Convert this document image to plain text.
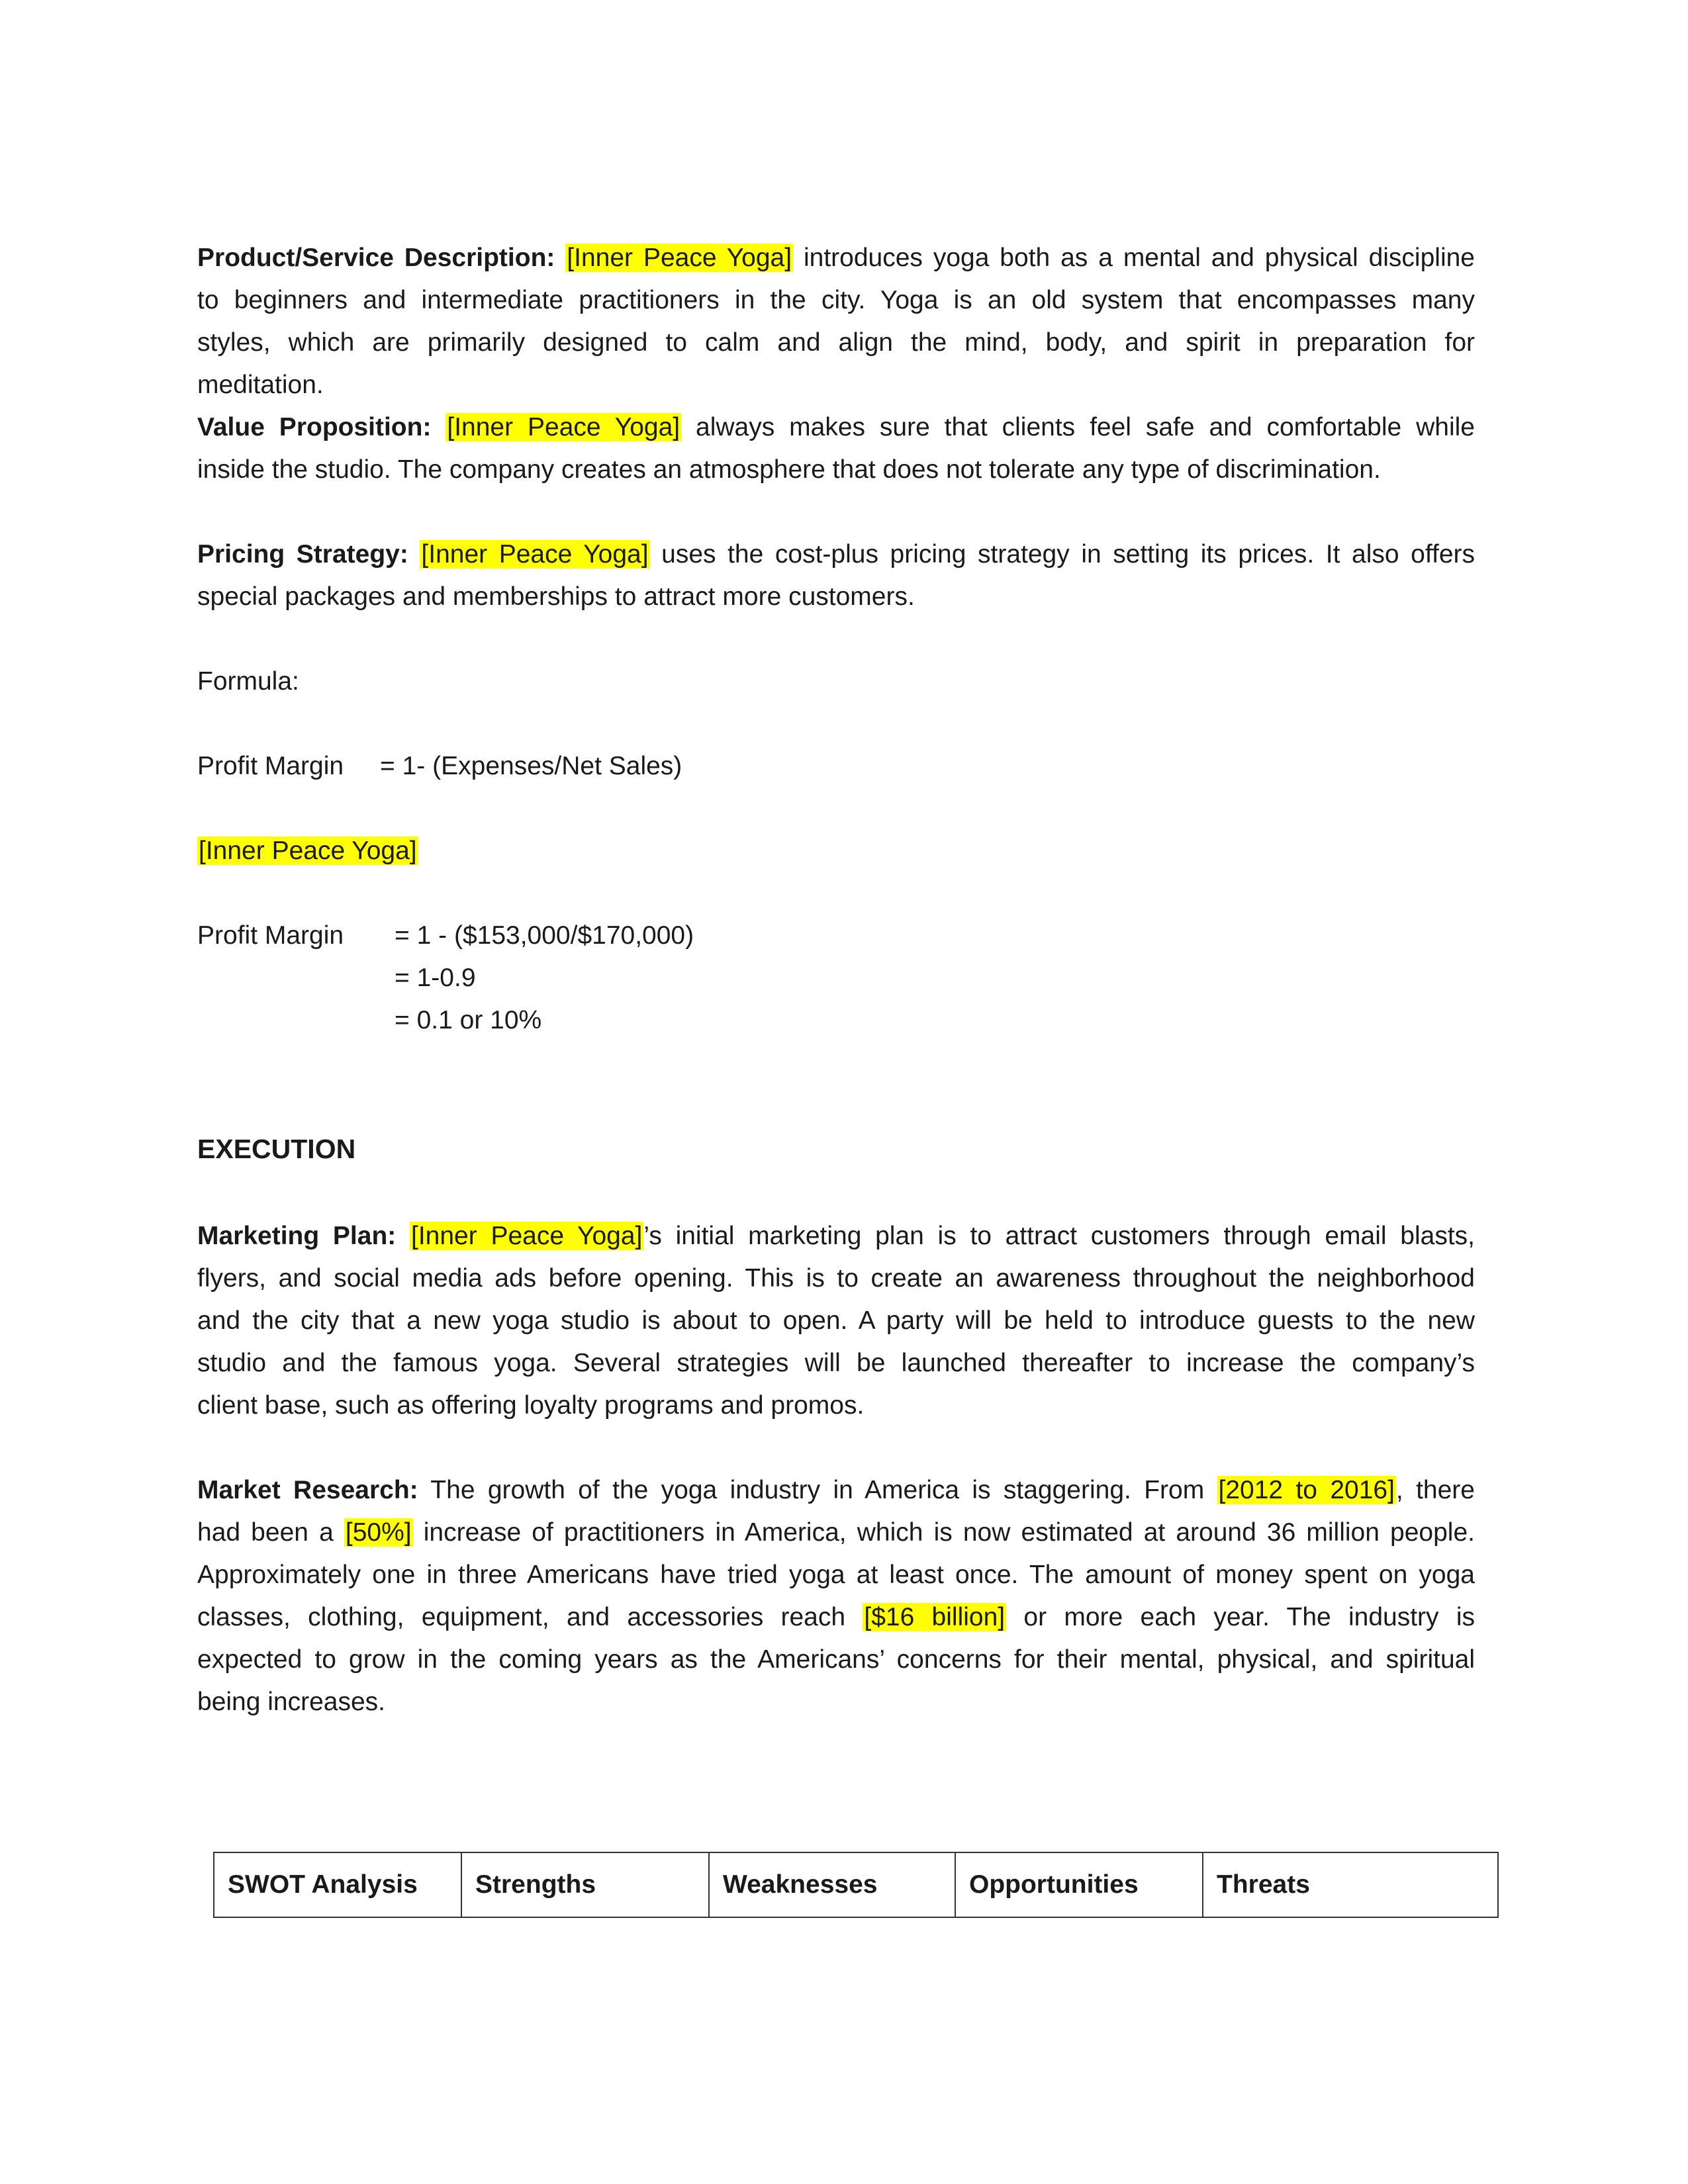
Product/Service Description: [Inner Peace Yoga] introduces yoga both as a mental and physical discipline
to beginners and intermediate practitioners in the city. Yoga is an old system that encompasses many
styles, which are primarily designed to calm and align the mind, body, and spirit in preparation for
meditation.
Value Proposition: [Inner Peace Yoga] always makes sure that clients feel safe and comfortable while
inside the studio. The company creates an atmosphere that does not tolerate any type of discrimination.
Pricing Strategy: [Inner Peace Yoga] uses the cost-plus pricing strategy in setting its prices. It also offers
special packages and memberships to attract more customers.
Formula:
Profit Margin = 1- (Expenses/Net Sales)
[Inner Peace Yoga]
Profit Margin = 1 - ($153,000/$170,000)
= 1-0.9
= 0.1 or 10%
EXECUTION
Marketing Plan: [Inner Peace Yoga]’s initial marketing plan is to attract customers through email blasts,
flyers, and social media ads before opening. This is to create an awareness throughout the neighborhood
and the city that a new yoga studio is about to open. A party will be held to introduce guests to the new
studio and the famous yoga. Several strategies will be launched thereafter to increase the company’s
client base, such as offering loyalty programs and promos.
Market Research: The growth of the yoga industry in America is staggering. From [2012 to 2016], there
had been a [50%] increase of practitioners in America, which is now estimated at around 36 million people.
Approximately one in three Americans have tried yoga at least once. The amount of money spent on yoga
classes, clothing, equipment, and accessories reach [$16 billion] or more each year. The industry is
expected to grow in the coming years as the Americans’ concerns for their mental, physical, and spiritual
being increases.
SWOT Analysis	Strengths	Weaknesses	Opportunities	Threats
